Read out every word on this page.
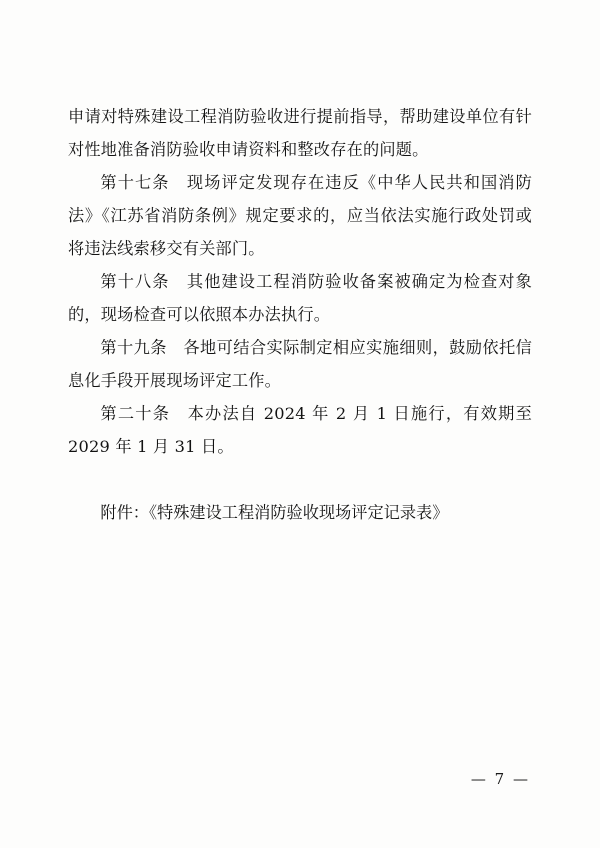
申请对特殊建设工程消防验收进行提前指导，帮助建设单位有针对性地准备消防验收申请资料和整改存在的问题。

第十七条　现场评定发现存在违反《中华人民共和国消防法》《江苏省消防条例》规定要求的，应当依法实施行政处罚或将违法线索移交有关部门。

第十八条　其他建设工程消防验收备案被确定为检查对象的，现场检查可以依照本办法执行。

第十九条　各地可结合实际制定相应实施细则，鼓励依托信息化手段开展现场评定工作。

第二十条　本办法自 2024 年 2 月 1 日施行，有效期至 2029 年 1 月 31 日。

附件：《特殊建设工程消防验收现场评定记录表》

— 7 —
